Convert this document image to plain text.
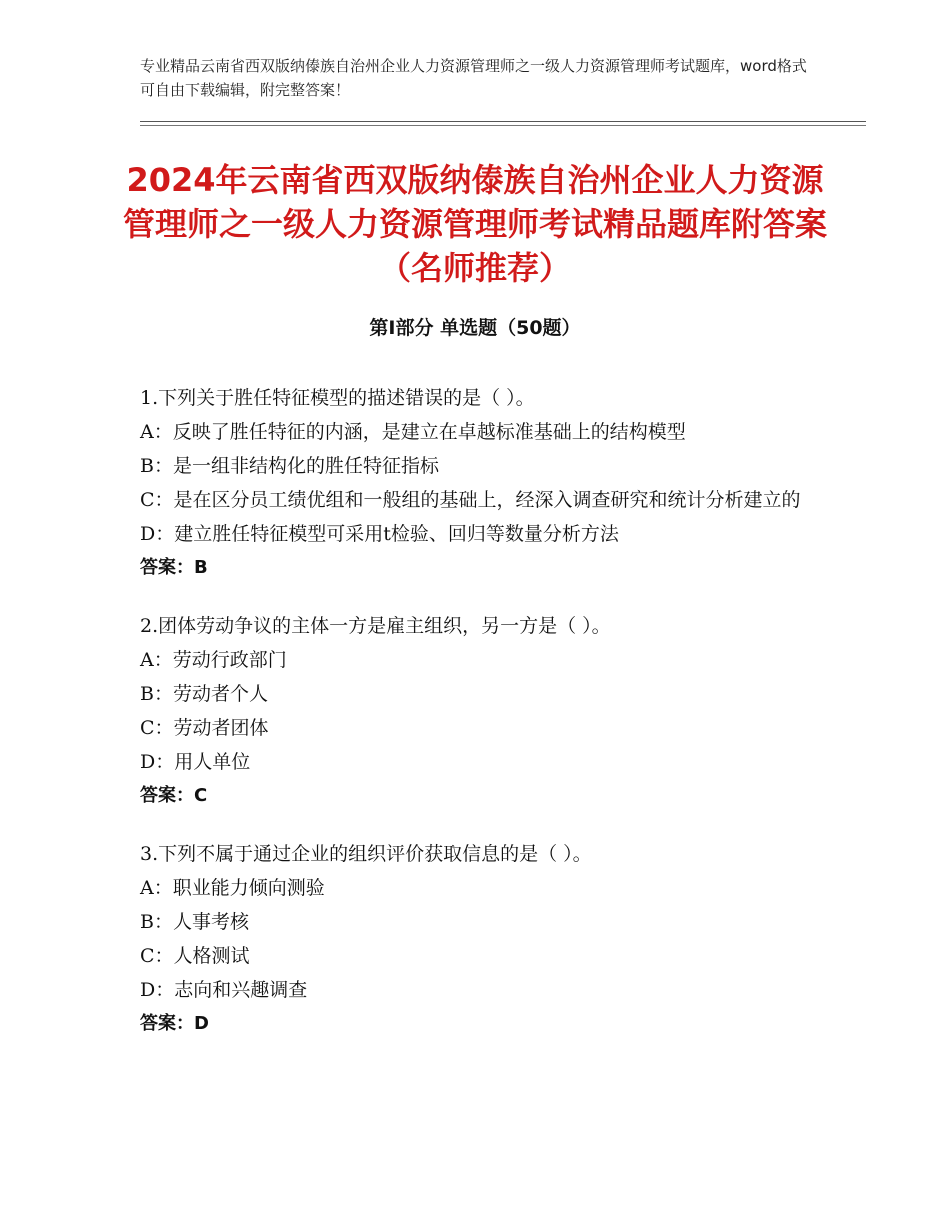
专业精品云南省西双版纳傣族自治州企业人力资源管理师之一级人力资源管理师考试题库，word格式可自由下载编辑，附完整答案！
2024年云南省西双版纳傣族自治州企业人力资源管理师之一级人力资源管理师考试精品题库附答案（名师推荐）
第Ⅰ部分 单选题（50题）
1.下列关于胜任特征模型的描述错误的是（ ）。
A：反映了胜任特征的内涵，是建立在卓越标准基础上的结构模型
B：是一组非结构化的胜任特征指标
C：是在区分员工绩优组和一般组的基础上，经深入调查研究和统计分析建立的
D：建立胜任特征模型可采用t检验、回归等数量分析方法
答案：B
2.团体劳动争议的主体一方是雇主组织，另一方是（ ）。
A：劳动行政部门
B：劳动者个人
C：劳动者团体
D：用人单位
答案：C
3.下列不属于通过企业的组织评价获取信息的是（ ）。
A：职业能力倾向测验
B：人事考核
C：人格测试
D：志向和兴趣调查
答案：D
